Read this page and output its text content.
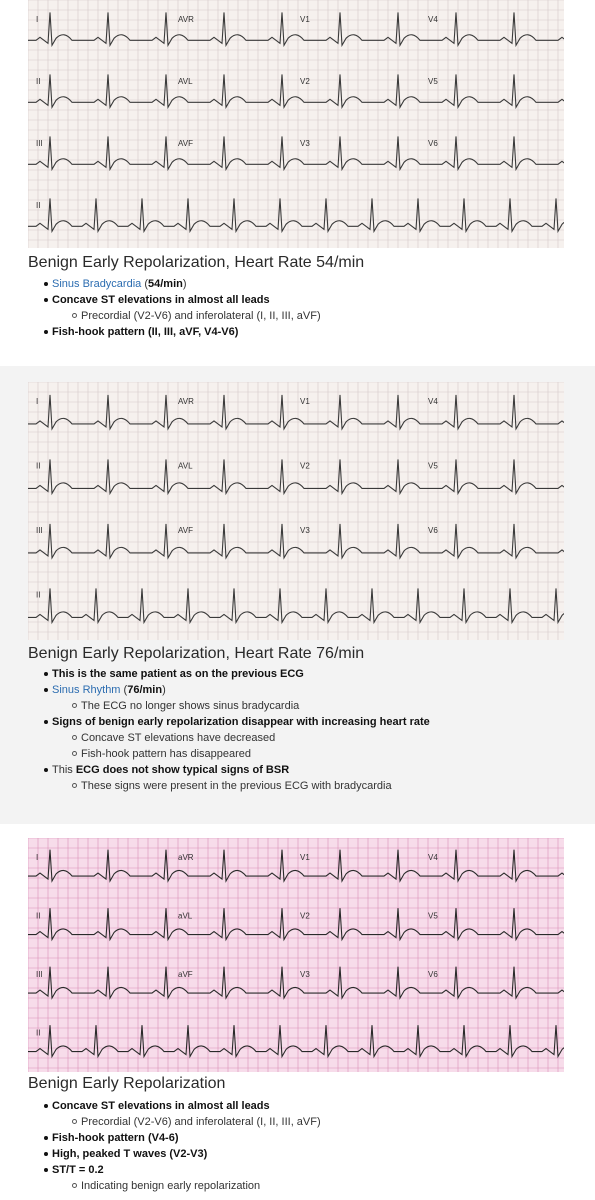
I	AVR	V1	V4
II	AVL	V2	V5
III	AVF	V3	V6
II
Benign Early Repolarization, Heart Rate 54/min
Sinus Bradycardia (54/min)
Concave ST elevations in almost all leads
Precordial (V2-V6) and inferolateral (I, II, III, aVF)
Fish-hook pattern (II, III, aVF, V4-V6)
I	AVR	V1	V4
II	AVL	V2	V5
III	AVF	V3	V6
II
Benign Early Repolarization, Heart Rate 76/min
This is the same patient as on the previous ECG
Sinus Rhythm (76/min)
The ECG no longer shows sinus bradycardia
Signs of benign early repolarization disappear with increasing heart rate
Concave ST elevations have decreased
Fish-hook pattern has disappeared
This ECG does not show typical signs of BSR
These signs were present in the previous ECG with bradycardia
I	aVR	V1	V4
II	aVL	V2	V5
III	aVF	V3	V6
II
Benign Early Repolarization
Concave ST elevations in almost all leads
Precordial (V2-V6) and inferolateral (I, II, III, aVF)
Fish-hook pattern (V4-6)
High, peaked T waves (V2-V3)
ST/T = 0.2
Indicating benign early repolarization
